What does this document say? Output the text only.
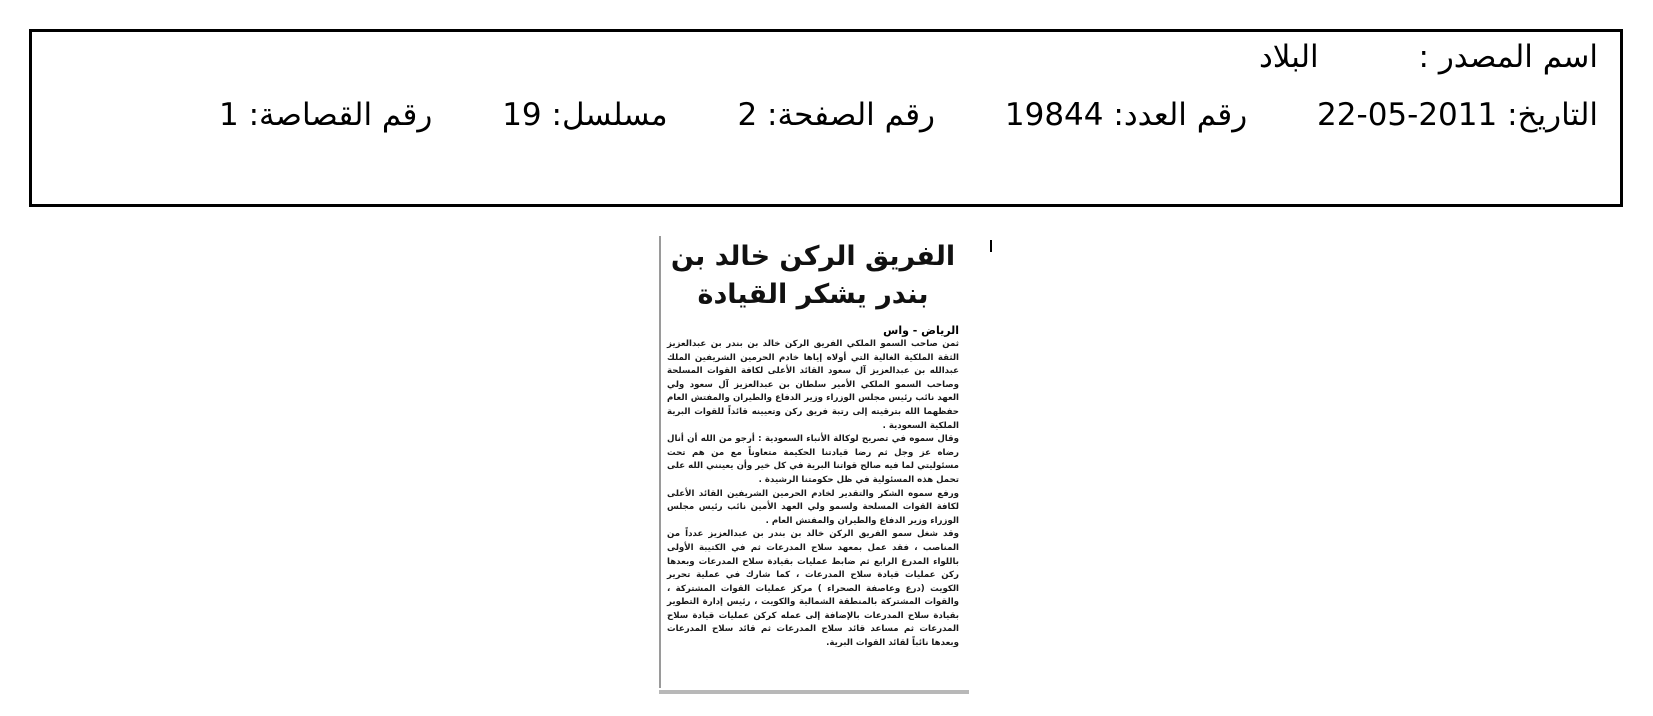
اسم المصدر : البلاد
التاريخ: 2011-05-22 رقم العدد: 19844 رقم الصفحة: 2 مسلسل: 19 رقم القصاصة: 1
الفريق الركن خالد بن
بندر يشكر القيادة

الرياض - واس

ثمن صاحب السمو الملكي الفريق الركن خالد بن بندر بن عبدالعزيز الثقة الملكية الغالية التي أولاه إياها خادم الحرمين الشريفين الملك عبدالله بن عبدالعزيز آل سعود القائد الأعلى لكافة القوات المسلحة وصاحب السمو الملكي الأمير سلطان بن عبدالعزيز آل سعود ولي العهد نائب رئيس مجلس الوزراء وزير الدفاع والطيران والمفتش العام حفظهما الله بترقيته إلى رتبة فريق ركن وتعيينه قائداً للقوات البرية الملكية السعودية .

وقال سموه في تصريح لوكالة الأنباء السعودية : أرجو من الله أن أنال رضاه عز وجل ثم رضا قيادتنا الحكيمة متعاوناً مع من هم تحت مسئوليتي لما فيه صالح قواتنا البرية في كل خير وأن يعينني الله على تحمل هذه المسئولية في ظل حكومتنا الرشيدة .

ورفع سموه الشكر والتقدير لخادم الحرمين الشريفين القائد الأعلى لكافة القوات المسلحة ولسمو ولي العهد الأمين نائب رئيس مجلس الوزراء وزير الدفاع والطيران والمفتش العام .

وقد شغل سمو الفريق الركن خالد بن بندر بن عبدالعزيز عدداً من المناصب ، فقد عمل بمعهد سلاح المدرعات ثم في الكتيبة الأولى باللواء المدرع الرابع ثم ضابط عمليات بقيادة سلاح المدرعات وبعدها ركن عمليات قيادة سلاح المدرعات ، كما شارك في عملية تحرير الكويت (درع وعاصفة الصحراء ) مركز عمليات القوات المشتركة ، والقوات المشتركة بالمنطقة الشمالية والكويت ، رئيس إدارة التطوير بقيادة سلاح المدرعات بالإضافة إلى عمله كركن عمليات قيادة سلاح المدرعات ثم مساعد قائد سلاح المدرعات ثم قائد سلاح المدرعات وبعدها نائباً لقائد القوات البرية.
